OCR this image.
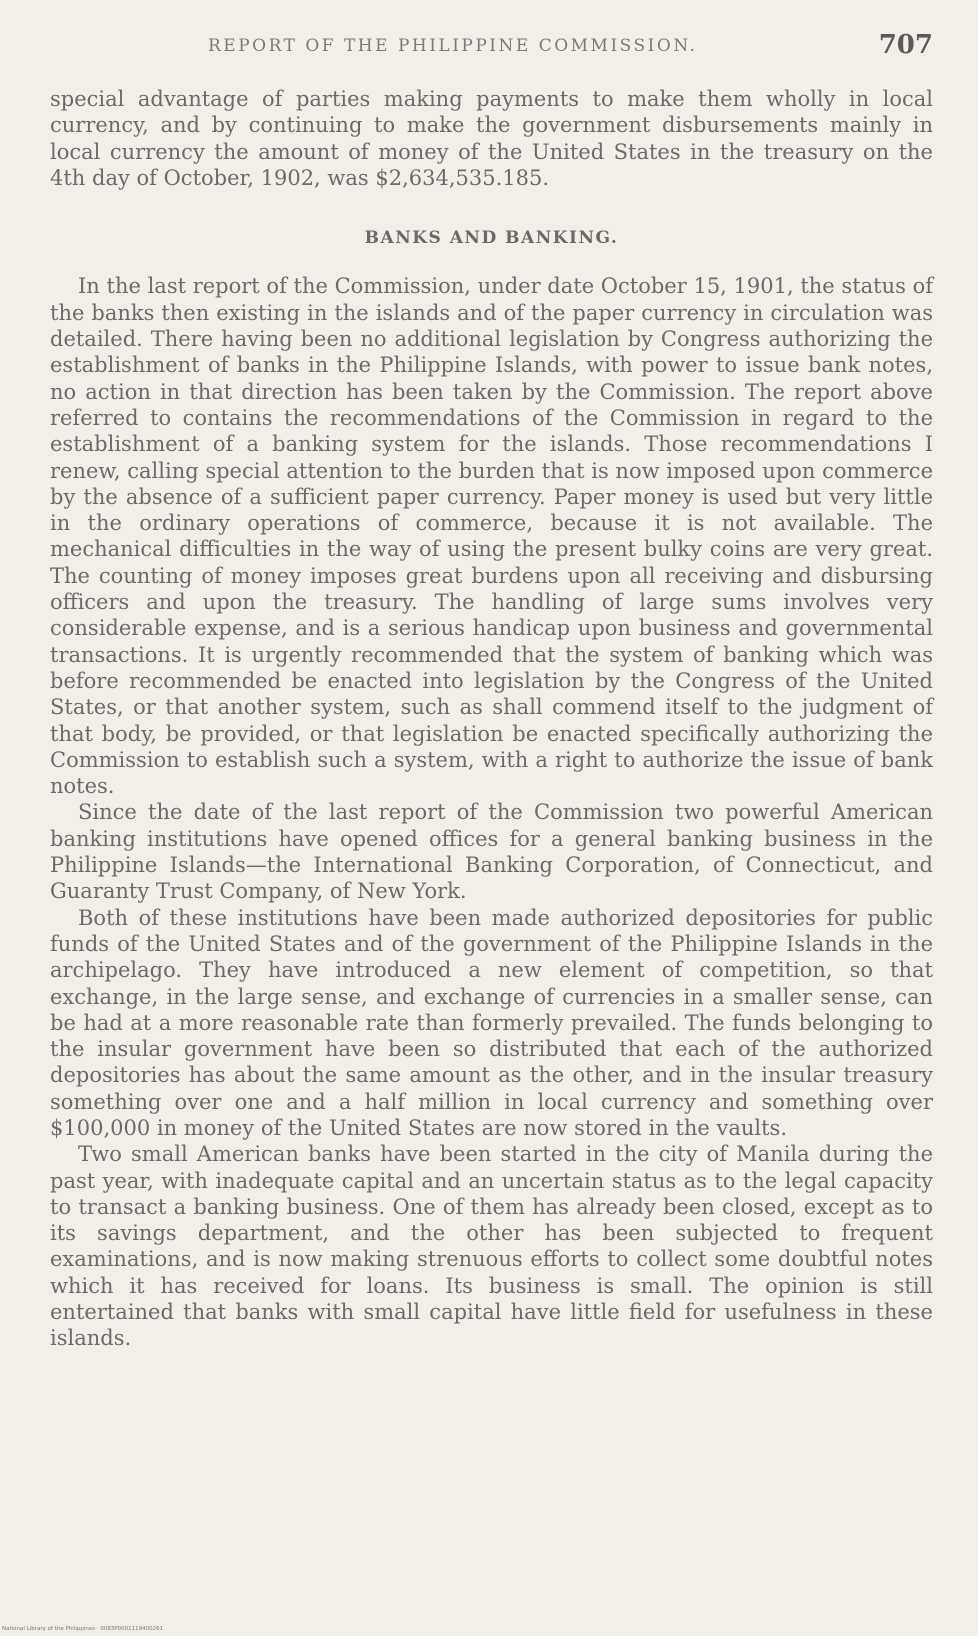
REPORT OF THE PHILIPPINE COMMISSION.	707

special advantage of parties making payments to make them wholly in local currency, and by continuing to make the government disbursements mainly in local currency the amount of money of the United States in the treasury on the 4th day of October, 1902, was $2,634,535.185.

BANKS AND BANKING.

In the last report of the Commission, under date October 15, 1901, the status of the banks then existing in the islands and of the paper currency in circulation was detailed. There having been no additional legislation by Congress authorizing the establishment of banks in the Philippine Islands, with power to issue bank notes, no action in that direction has been taken by the Commission. The report above referred to contains the recommendations of the Commission in regard to the establishment of a banking system for the islands. Those recommendations I renew, calling special attention to the burden that is now imposed upon commerce by the absence of a sufficient paper currency. Paper money is used but very little in the ordinary operations of commerce, because it is not available. The mechanical difficulties in the way of using the present bulky coins are very great. The counting of money imposes great burdens upon all receiving and disbursing officers and upon the treasury. The handling of large sums involves very considerable expense, and is a serious handicap upon business and governmental transactions. It is urgently recommended that the system of banking which was before recommended be enacted into legislation by the Congress of the United States, or that another system, such as shall commend itself to the judgment of that body, be provided, or that legislation be enacted specifically authorizing the Commission to establish such a system, with a right to authorize the issue of bank notes.

Since the date of the last report of the Commission two powerful American banking institutions have opened offices for a general banking business in the Philippine Islands—the International Banking Corporation, of Connecticut, and Guaranty Trust Company, of New York.

Both of these institutions have been made authorized depositories for public funds of the United States and of the government of the Philippine Islands in the archipelago. They have introduced a new element of competition, so that exchange, in the large sense, and exchange of currencies in a smaller sense, can be had at a more reasonable rate than formerly prevailed. The funds belonging to the insular government have been so distributed that each of the authorized depositories has about the same amount as the other, and in the insular treasury something over one and a half million in local currency and something over $100,000 in money of the United States are now stored in the vaults.

Two small American banks have been started in the city of Manila during the past year, with inadequate capital and an uncertain status as to the legal capacity to transact a banking business. One of them has already been closed, except as to its savings department, and the other has been subjected to frequent examinations, and is now making strenuous efforts to collect some doubtful notes which it has received for loans. Its business is small. The opinion is still entertained that banks with small capital have little field for usefulness in these islands.

National Library of the Philippines · 0083P0001119400261
